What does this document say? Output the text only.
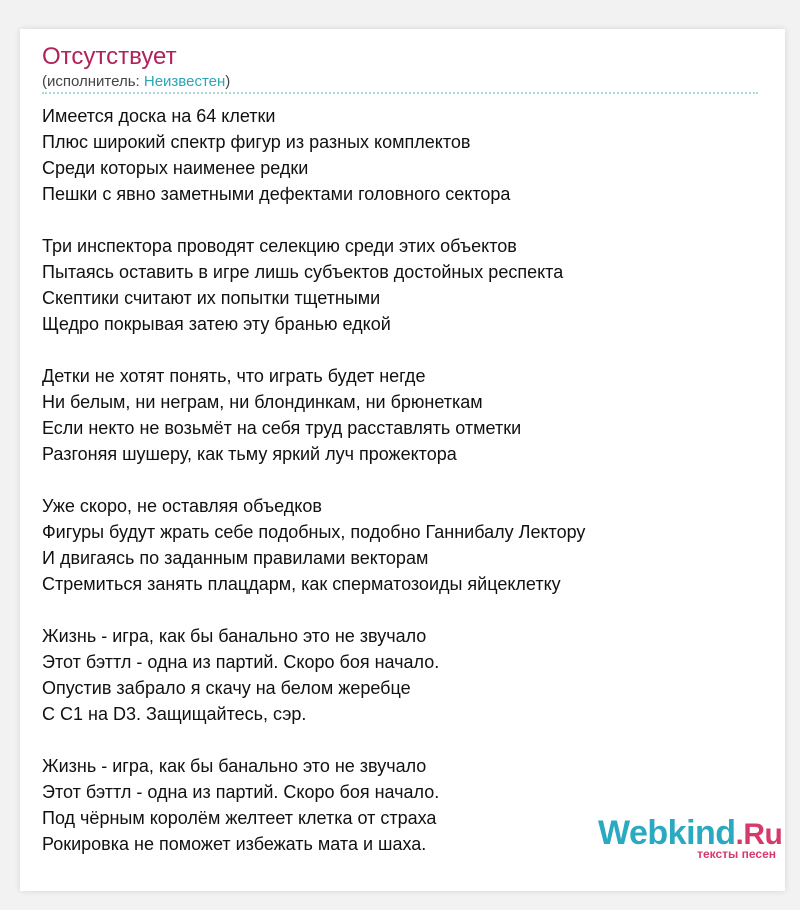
Отсутствует
(исполнитель: Неизвестен)
Имеется доска на 64 клетки
Плюс широкий спектр фигур из разных комплектов
Среди которых наименее редки
Пешки с явно заметными дефектами головного сектора
Три инспектора проводят селекцию среди этих объектов
Пытаясь оставить в игре лишь субъектов достойных респекта
Скептики считают их попытки тщетными
Щедро покрывая затею эту бранью едкой
Детки не хотят понять, что играть будет негде
Ни белым, ни неграм, ни блондинкам, ни брюнеткам
Если некто не возьмёт на себя труд расставлять отметки
Разгоняя шушеру, как тьму яркий луч прожектора
Уже скоро, не оставляя объедков
Фигуры будут жрать себе подобных, подобно Ганнибалу Лектору
И двигаясь по заданным правилами векторам
Стремиться занять плацдарм, как сперматозоиды яйцеклетку
Жизнь - игра, как бы банально это не звучало
Этот бэттл - одна из партий. Скоро боя начало.
Опустив забрало я скачу на белом жеребце
С C1 на D3. Защищайтесь, сэр.
Жизнь - игра, как бы банально это не звучало
Этот бэттл - одна из партий. Скоро боя начало.
Под чёрным королём желтеет клетка от страха
Рокировка не поможет избежать мата и шаха.	Webkind.Ru
тексты песен
